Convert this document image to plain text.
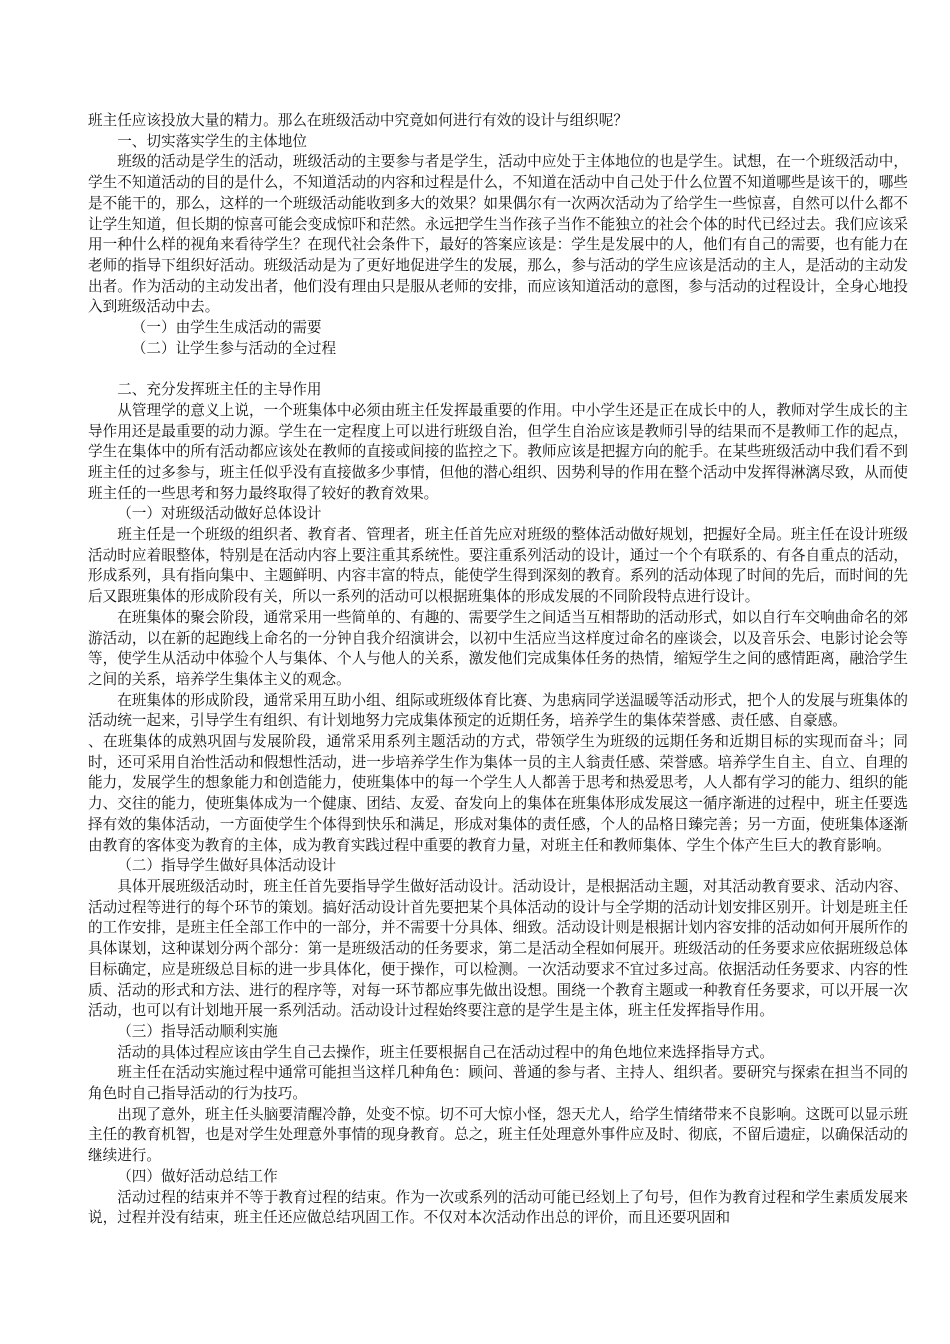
班主任应该投放大量的精力。那么在班级活动中究竟如何进行有效的设计与组织呢？

一、切实落实学生的主体地位

班级的活动是学生的活动，班级活动的主要参与者是学生，活动中应处于主体地位的也是学生。试想，在一个班级活动中，学生不知道活动的目的是什么，不知道活动的内容和过程是什么，不知道在活动中自己处于什么位置不知道哪些是该干的，哪些是不能干的，那么，这样的一个班级活动能收到多大的效果？如果偶尔有一次两次活动为了给学生一些惊喜，自然可以什么都不让学生知道，但长期的惊喜可能会变成惊吓和茫然。永远把学生当作孩子当作不能独立的社会个体的时代已经过去。我们应该采用一种什么样的视角来看待学生？在现代社会条件下，最好的答案应该是：学生是发展中的人，他们有自己的需要，也有能力在老师的指导下组织好活动。班级活动是为了更好地促进学生的发展，那么，参与活动的学生应该是活动的主人，是活动的主动发出者。作为活动的主动发出者，他们没有理由只是服从老师的安排，而应该知道活动的意图，参与活动的过程设计，全身心地投入到班级活动中去。

（一）由学生生成活动的需要

（二）让学生参与活动的全过程

二、充分发挥班主任的主导作用

从管理学的意义上说，一个班集体中必须由班主任发挥最重要的作用。中小学生还是正在成长中的人，教师对学生成长的主导作用还是最重要的动力源。学生在一定程度上可以进行班级自治，但学生自治应该是教师引导的结果而不是教师工作的起点，学生在集体中的所有活动都应该处在教师的直接或间接的监控之下。教师应该是把握方向的舵手。在某些班级活动中我们看不到班主任的过多参与，班主任似乎没有直接做多少事情，但他的潜心组织、因势利导的作用在整个活动中发挥得淋漓尽致，从而使班主任的一些思考和努力最终取得了较好的教育效果。

（一）对班级活动做好总体设计

班主任是一个班级的组织者、教育者、管理者，班主任首先应对班级的整体活动做好规划，把握好全局。班主任在设计班级活动时应着眼整体，特别是在活动内容上要注重其系统性。要注重系列活动的设计，通过一个个有联系的、有各自重点的活动，形成系列，具有指向集中、主题鲜明、内容丰富的特点，能使学生得到深刻的教育。系列的活动体现了时间的先后，而时间的先后又跟班集体的形成阶段有关，所以一系列的活动可以根据班集体的形成发展的不同阶段特点进行设计。

在班集体的聚会阶段，通常采用一些简单的、有趣的、需要学生之间适当互相帮助的活动形式，如以自行车交响曲命名的郊游活动，以在新的起跑线上命名的一分钟自我介绍演讲会，以初中生活应当这样度过命名的座谈会，以及音乐会、电影讨论会等等，使学生从活动中体验个人与集体、个人与他人的关系，激发他们完成集体任务的热情，缩短学生之间的感情距离，融洽学生之间的关系，培养学生集体主义的观念。

在班集体的形成阶段，通常采用互助小组、组际或班级体育比赛、为患病同学送温暖等活动形式，把个人的发展与班集体的活动统一起来，引导学生有组织、有计划地努力完成集体预定的近期任务，培养学生的集体荣誉感、责任感、自豪感。

、在班集体的成熟巩固与发展阶段，通常采用系列主题活动的方式，带领学生为班级的远期任务和近期目标的实现而奋斗；同时，还可采用自治性活动和假想性活动，进一步培养学生作为集体一员的主人翁责任感、荣誉感。培养学生自主、自立、自理的能力，发展学生的想象能力和创造能力，使班集体中的每一个学生人人都善于思考和热爱思考，人人都有学习的能力、组织的能力、交往的能力，使班集体成为一个健康、团结、友爱、奋发向上的集体在班集体形成发展这一循序渐进的过程中，班主任要选择有效的集体活动，一方面使学生个体得到快乐和满足，形成对集体的责任感，个人的品格日臻完善；另一方面，使班集体逐渐由教育的客体变为教育的主体，成为教育实践过程中重要的教育力量，对班主任和教师集体、学生个体产生巨大的教育影响。

（二）指导学生做好具体活动设计

具体开展班级活动时，班主任首先要指导学生做好活动设计。活动设计，是根据活动主题，对其活动教育要求、活动内容、活动过程等进行的每个环节的策划。搞好活动设计首先要把某个具体活动的设计与全学期的活动计划安排区别开。计划是班主任的工作安排，是班主任全部工作中的一部分，并不需要十分具体、细致。活动设计则是根据计划内容安排的活动如何开展所作的具体谋划，这种谋划分两个部分：第一是班级活动的任务要求，第二是活动全程如何展开。班级活动的任务要求应依据班级总体目标确定，应是班级总目标的进一步具体化，便于操作，可以检测。一次活动要求不宜过多过高。依据活动任务要求、内容的性质、活动的形式和方法、进行的程序等，对每一环节都应事先做出设想。围绕一个教育主题或一种教育任务要求，可以开展一次活动，也可以有计划地开展一系列活动。活动设计过程始终要注意的是学生是主体，班主任发挥指导作用。

（三）指导活动顺利实施

活动的具体过程应该由学生自己去操作，班主任要根据自己在活动过程中的角色地位来选择指导方式。

班主任在活动实施过程中通常可能担当这样几种角色：顾问、普通的参与者、主持人、组织者。要研究与探索在担当不同的角色时自己指导活动的行为技巧。

出现了意外，班主任头脑要清醒冷静，处变不惊。切不可大惊小怪，怨天尤人，给学生情绪带来不良影响。这既可以显示班主任的教育机智，也是对学生处理意外事情的现身教育。总之，班主任处理意外事件应及时、彻底，不留后遗症，以确保活动的继续进行。

（四）做好活动总结工作

活动过程的结束并不等于教育过程的结束。作为一次或系列的活动可能已经划上了句号，但作为教育过程和学生素质发展来说，过程并没有结束，班主任还应做总结巩固工作。不仅对本次活动作出总的评价，而且还要巩固和
